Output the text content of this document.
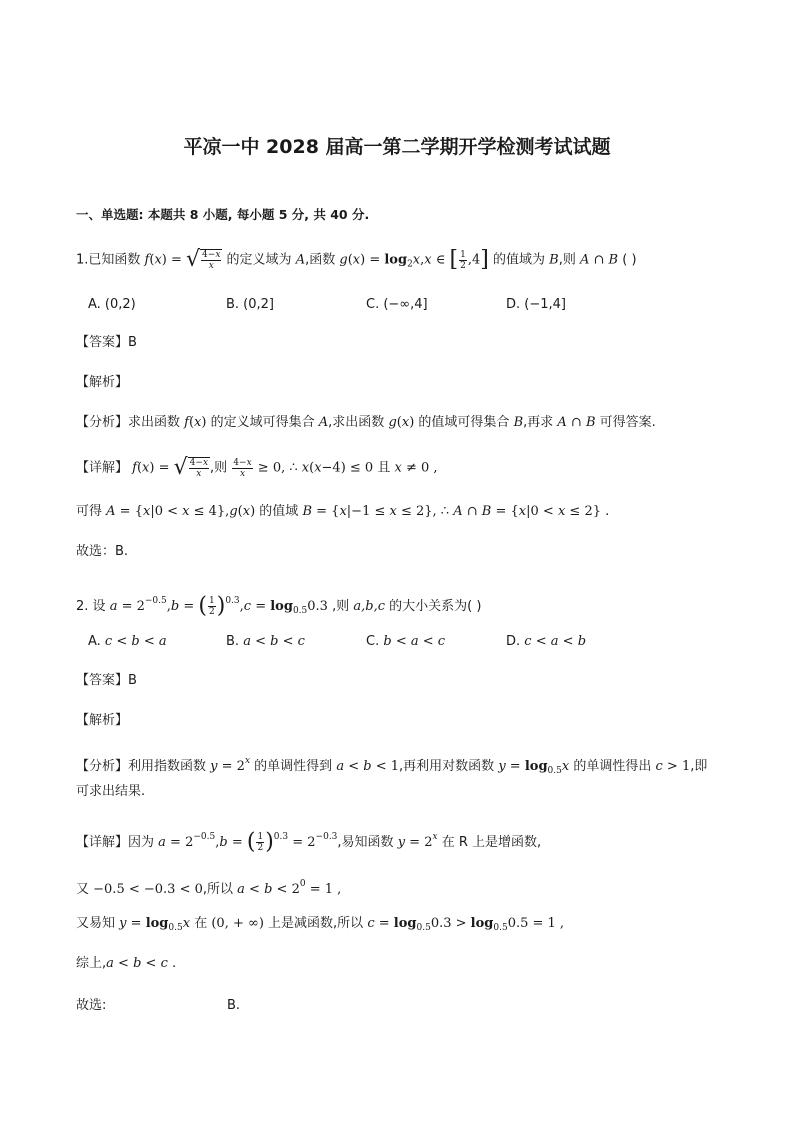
平凉一中 2028 届高一第二学期开学检测考试试题
一、单选题: 本题共 8 小题, 每小题 5 分, 共 40 分.
1.已知函数 f(x) = √ $\frac{4-x}{x}$ 的定义域为 A,函数 $g(x) = \log_2x,x$ ∈ [ $\frac{1}{2} ,4$] 的值域为 B,则 A ∩ B ( )
A. (0,2)	B. (0,2]	C. (−∞,4]	D. (−1,4]
【答案】B
【解析】
【分析】求出函数 f(x) 的定义域可得集合 A,求出函数 g(x) 的值域可得集合 B,再求 A ∩ B 可得答案.
【详解】 f(x) = √ $\frac{4-x}{x}$ ,则 $\frac{4-x}{x} \ge 0$, ∴ x(x−4) ≤ 0 且 x ≠ 0 ,
可得 A = {x|0 < x ≤ 4},g(x) 的值域 B = {x|−1 ≤ x ≤ 2}, ∴ A ∩ B = {x|0 < x ≤ 2} .
故选：B.
2. 设 $a = 2^{-0.5},b$ = ( $\frac{1}{2} )^{0.3},c = \log_{0.5}0.3$ ,则 a,b,c 的大小关系为( )
A. c < b < a	B. a < b < c	C. b < a < c	D. c < a < b
【答案】B
【解析】
【分析】利用指数函数 $y = 2^x$ 的单调性得到 a < b < 1,再利用对数函数 $y = \log_{0.5}x$ 的单调性得出 c > 1,即
可求出结果.
【详解】因为 $a = 2^{-0.5},b$ = ( $\frac{1}{2} )^{0.3} = 2^{-0.3}$,易知函数 $y = 2^x$ 在 R 上是增函数,
又 −0.5 < −0.3 < 0,所以 $a < b < 2^0 = 1$ ,
又易知 $y = \log_{0.5}x$ 在 (0, + ∞) 上是减函数,所以 $c = \log_{0.5}0.3 > \log_{0.5}0.5 = 1$ ,
综上,a < b < c .
故选:	B.
